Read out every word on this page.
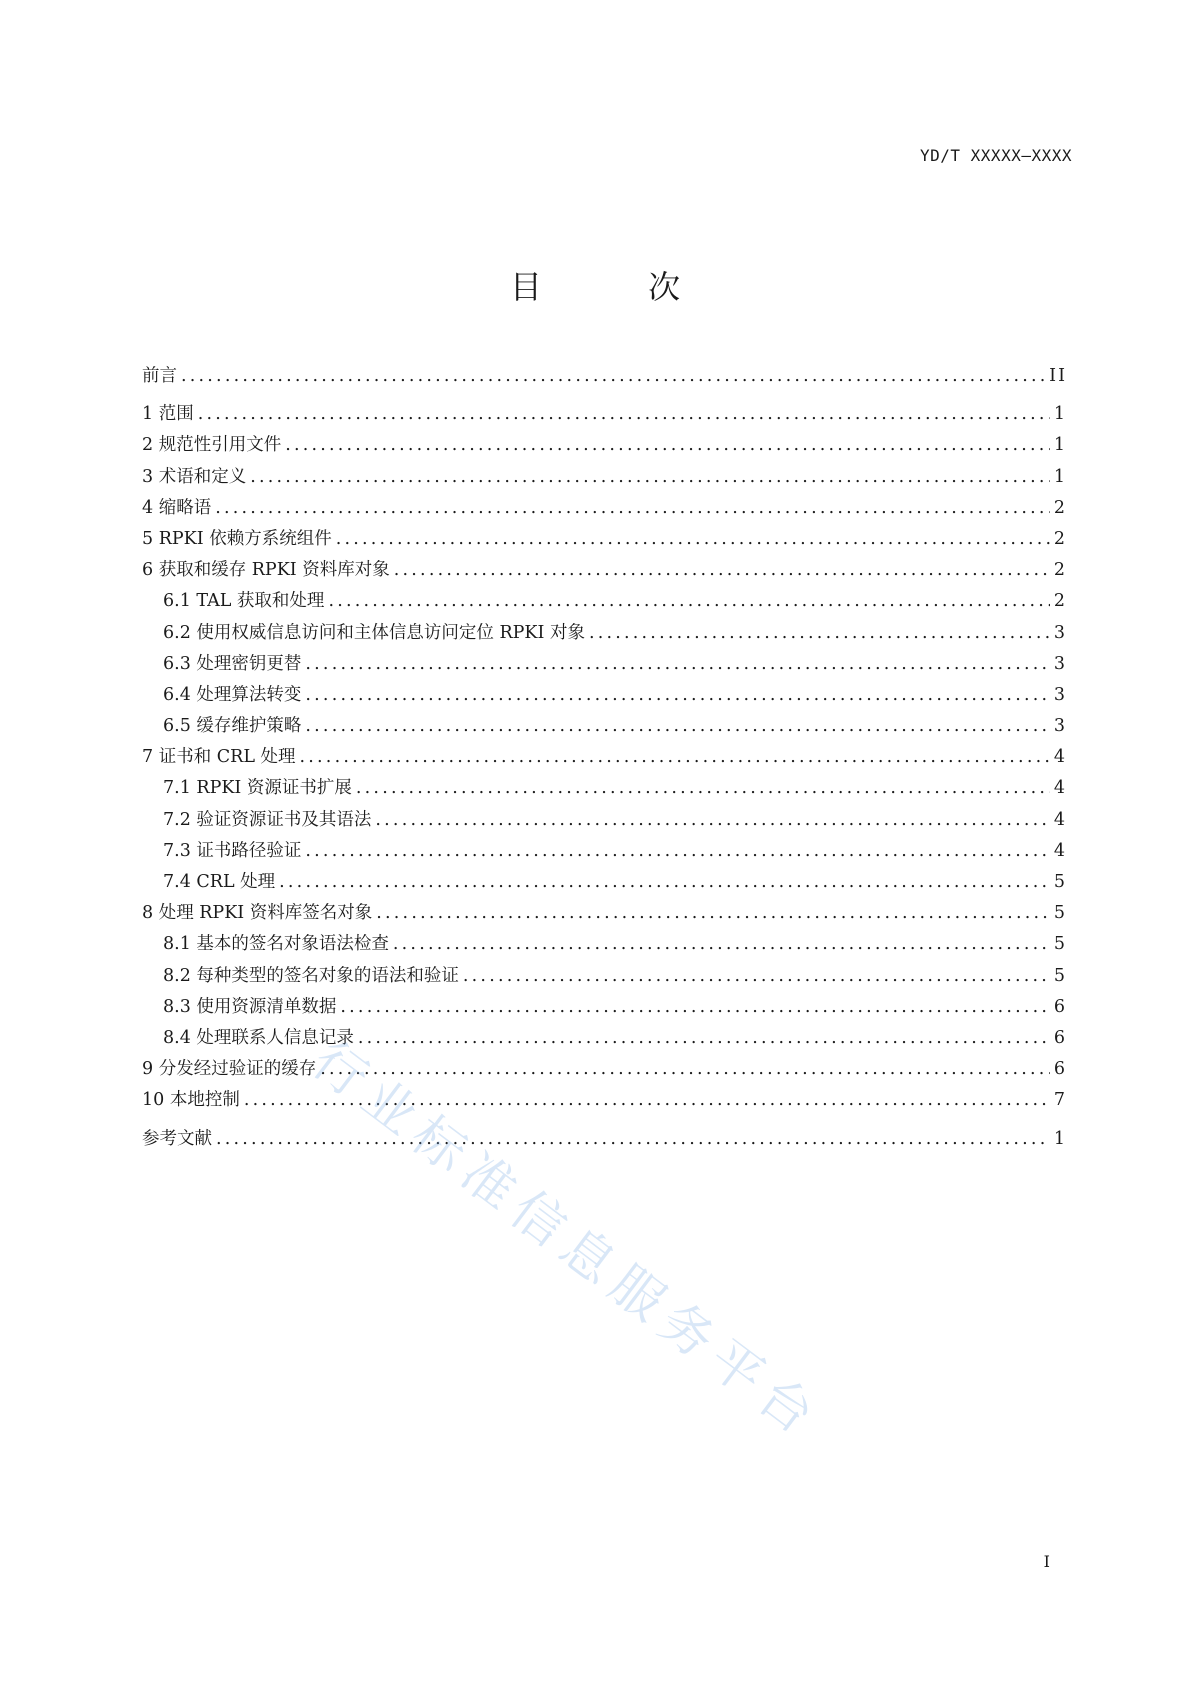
YD/T XXXXX—XXXX
目 次
前言 .....	II
1 范围 .....	1
2 规范性引用文件 .....	1
3 术语和定义 .....	1
4 缩略语 .....	2
5 RPKI 依赖方系统组件 .....	2
6 获取和缓存 RPKI 资料库对象 .....	2
6.1 TAL 获取和处理 .....	2
6.2 使用权威信息访问和主体信息访问定位 RPKI 对象 .....	3
6.3 处理密钥更替 .....	3
6.4 处理算法转变 .....	3
6.5 缓存维护策略 .....	3
7 证书和 CRL 处理 .....	4
7.1 RPKI 资源证书扩展 .....	4
7.2 验证资源证书及其语法 .....	4
7.3 证书路径验证 .....	4
7.4 CRL 处理 .....	5
8 处理 RPKI 资料库签名对象 .....	5
8.1 基本的签名对象语法检查 .....	5
8.2 每种类型的签名对象的语法和验证 .....	5
8.3 使用资源清单数据 .....	6
8.4 处理联系人信息记录 .....	6
9 分发经过验证的缓存 .....	6
10 本地控制 .....	7
参考文献 .....	1
行业标准信息服务平台
I
